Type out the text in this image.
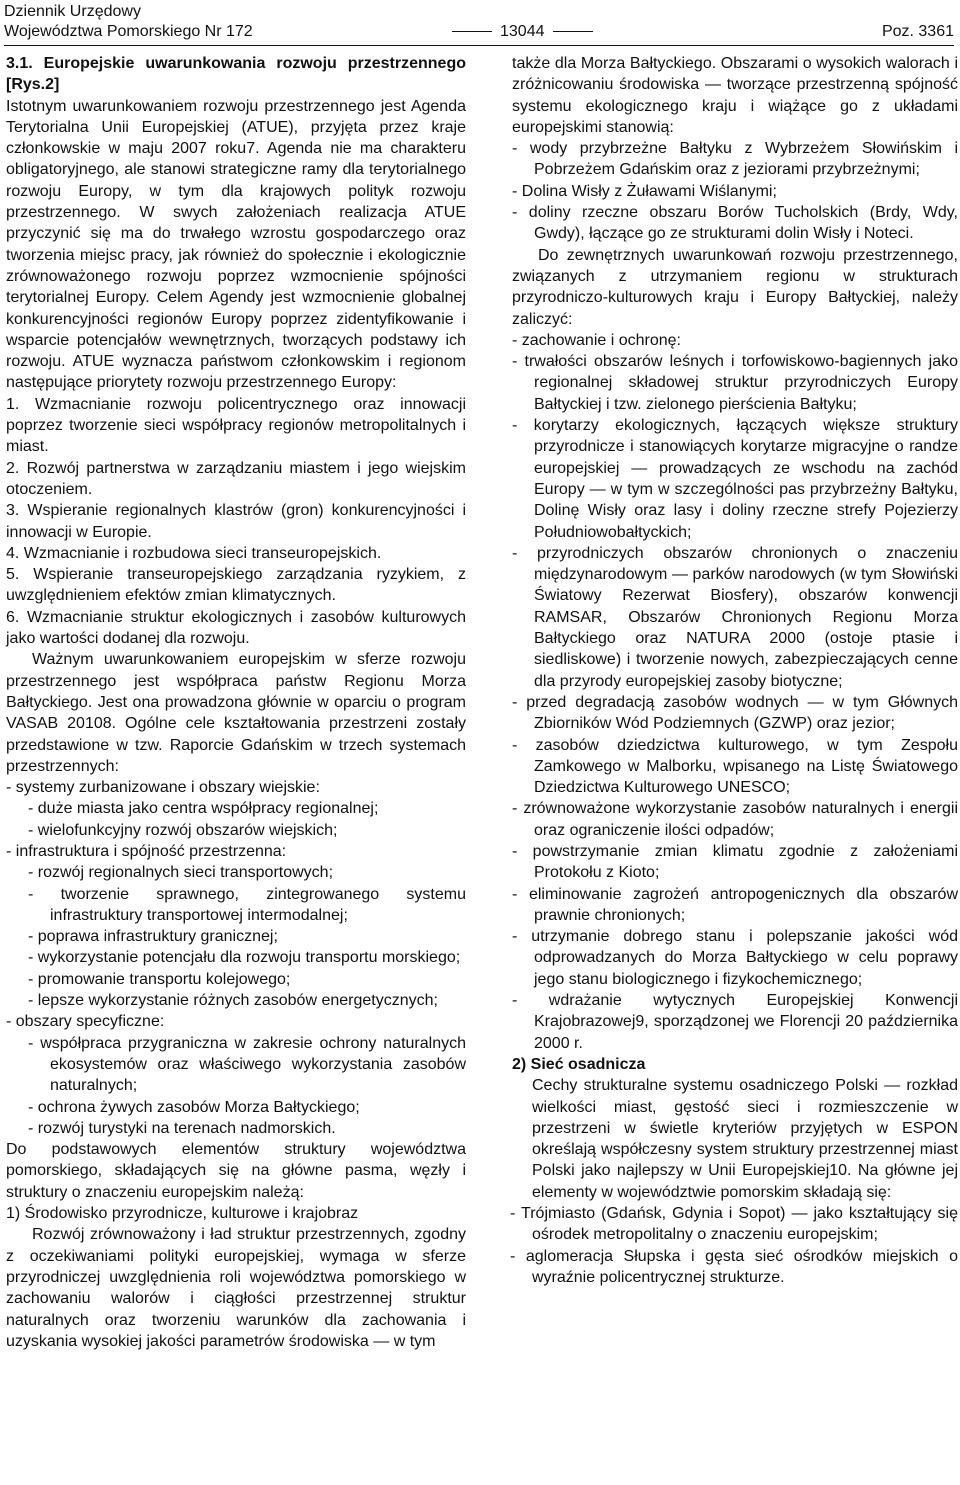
Dziennik Urzędowy
Województwa Pomorskiego Nr 172	13044	Poz. 3361

3.1. Europejskie uwarunkowania rozwoju przestrzennego [Rys.2]

Istotnym uwarunkowaniem rozwoju przestrzennego jest Agenda Terytorialna Unii Europejskiej (ATUE), przyjęta przez kraje członkowskie w maju 2007 roku7. Agenda nie ma charakteru obligatoryjnego, ale stanowi strategiczne ramy dla terytorialnego rozwoju Europy, w tym dla krajowych polityk rozwoju przestrzennego. W swych założeniach realizacja ATUE przyczynić się ma do trwałego wzrostu gospodarczego oraz tworzenia miejsc pracy, jak również do społecznie i ekologicznie zrównoważonego rozwoju poprzez wzmocnienie spójności terytorialnej Europy. Celem Agendy jest wzmocnienie globalnej konkurencyjności regionów Europy poprzez zidentyfikowanie i wsparcie potencjałów wewnętrznych, tworzących podstawy ich rozwoju. ATUE wyznacza państwom członkowskim i regionom następujące priorytety rozwoju przestrzennego Europy:

1. Wzmacnianie rozwoju policentrycznego oraz innowacji poprzez tworzenie sieci współpracy regionów metropolitalnych i miast.

2. Rozwój partnerstwa w zarządzaniu miastem i jego wiejskim otoczeniem.

3. Wspieranie regionalnych klastrów (gron) konkurencyjności i innowacji w Europie.

4. Wzmacnianie i rozbudowa sieci transeuropejskich.

5. Wspieranie transeuropejskiego zarządzania ryzykiem, z uwzględnieniem efektów zmian klimatycznych.

6. Wzmacnianie struktur ekologicznych i zasobów kulturowych jako wartości dodanej dla rozwoju.

Ważnym uwarunkowaniem europejskim w sferze rozwoju przestrzennego jest współpraca państw Regionu Morza Bałtyckiego. Jest ona prowadzona głównie w oparciu o program VASAB 20108. Ogólne cele kształtowania przestrzeni zostały przedstawione w tzw. Raporcie Gdańskim w trzech systemach przestrzennych:

- systemy zurbanizowane i obszary wiejskie:

- duże miasta jako centra współpracy regionalnej;

- wielofunkcyjny rozwój obszarów wiejskich;

- infrastruktura i spójność przestrzenna:

- rozwój regionalnych sieci transportowych;

- tworzenie sprawnego, zintegrowanego systemu infrastruktury transportowej intermodalnej;

- poprawa infrastruktury granicznej;

- wykorzystanie potencjału dla rozwoju transportu morskiego;

- promowanie transportu kolejowego;

- lepsze wykorzystanie różnych zasobów energetycznych;

- obszary specyficzne:

- współpraca przygraniczna w zakresie ochrony naturalnych ekosystemów oraz właściwego wykorzystania zasobów naturalnych;

- ochrona żywych zasobów Morza Bałtyckiego;

- rozwój turystyki na terenach nadmorskich.

Do podstawowych elementów struktury województwa pomorskiego, składających się na główne pasma, węzły i struktury o znaczeniu europejskim należą:

1) Środowisko przyrodnicze, kulturowe i krajobraz

Rozwój zrównoważony i ład struktur przestrzennych, zgodny z oczekiwaniami polityki europejskiej, wymaga w sferze przyrodniczej uwzględnienia roli województwa pomorskiego w zachowaniu walorów i ciągłości przestrzennej struktur naturalnych oraz tworzeniu warunków dla zachowania i uzyskania wysokiej jakości parametrów środowiska — w tym

także dla Morza Bałtyckiego. Obszarami o wysokich walorach i zróżnicowaniu środowiska — tworzące przestrzenną spójność systemu ekologicznego kraju i wiążące go z układami europejskimi stanowią:

- wody przybrzeżne Bałtyku z Wybrzeżem Słowińskim i Pobrzeżem Gdańskim oraz z jeziorami przybrzeżnymi;

- Dolina Wisły z Żuławami Wiślanymi;

- doliny rzeczne obszaru Borów Tucholskich (Brdy, Wdy, Gwdy), łączące go ze strukturami dolin Wisły i Noteci.

Do zewnętrznych uwarunkowań rozwoju przestrzennego, związanych z utrzymaniem regionu w strukturach przyrodniczo-kulturowych kraju i Europy Bałtyckiej, należy zaliczyć:

- zachowanie i ochronę:

- trwałości obszarów leśnych i torfowiskowo-bagiennych jako regionalnej składowej struktur przyrodniczych Europy Bałtyckiej i tzw. zielonego pierścienia Bałtyku;

- korytarzy ekologicznych, łączących większe struktury przyrodnicze i stanowiących korytarze migracyjne o randze europejskiej — prowadzących ze wschodu na zachód Europy — w tym w szczególności pas przybrzeżny Bałtyku, Dolinę Wisły oraz lasy i doliny rzeczne strefy Pojezierzy Południowobałtyckich;

- przyrodniczych obszarów chronionych o znaczeniu międzynarodowym — parków narodowych (w tym Słowiński Światowy Rezerwat Biosfery), obszarów konwencji RAMSAR, Obszarów Chronionych Regionu Morza Bałtyckiego oraz NATURA 2000 (ostoje ptasie i siedliskowe) i tworzenie nowych, zabezpieczających cenne dla przyrody europejskiej zasoby biotyczne;

- przed degradacją zasobów wodnych — w tym Głównych Zbiorników Wód Podziemnych (GZWP) oraz jezior;

- zasobów dziedzictwa kulturowego, w tym Zespołu Zamkowego w Malborku, wpisanego na Listę Światowego Dziedzictwa Kulturowego UNESCO;

- zrównoważone wykorzystanie zasobów naturalnych i energii oraz ograniczenie ilości odpadów;

- powstrzymanie zmian klimatu zgodnie z założeniami Protokołu z Kioto;

- eliminowanie zagrożeń antropogenicznych dla obszarów prawnie chronionych;

- utrzymanie dobrego stanu i polepszanie jakości wód odprowadzanych do Morza Bałtyckiego w celu poprawy jego stanu biologicznego i fizykochemicznego;

- wdrażanie wytycznych Europejskiej Konwencji Krajobrazowej9, sporządzonej we Florencji 20 października 2000 r.

2) Sieć osadnicza

Cechy strukturalne systemu osadniczego Polski — rozkład wielkości miast, gęstość sieci i rozmieszczenie w przestrzeni w świetle kryteriów przyjętych w ESPON określają współczesny system struktury przestrzennej miast Polski jako najlepszy w Unii Europejskiej10. Na główne jej elementy w województwie pomorskim składają się:

- Trójmiasto (Gdańsk, Gdynia i Sopot) — jako kształtujący się ośrodek metropolitalny o znaczeniu europejskim;

- aglomeracja Słupska i gęsta sieć ośrodków miejskich o wyraźnie policentrycznej strukturze.
